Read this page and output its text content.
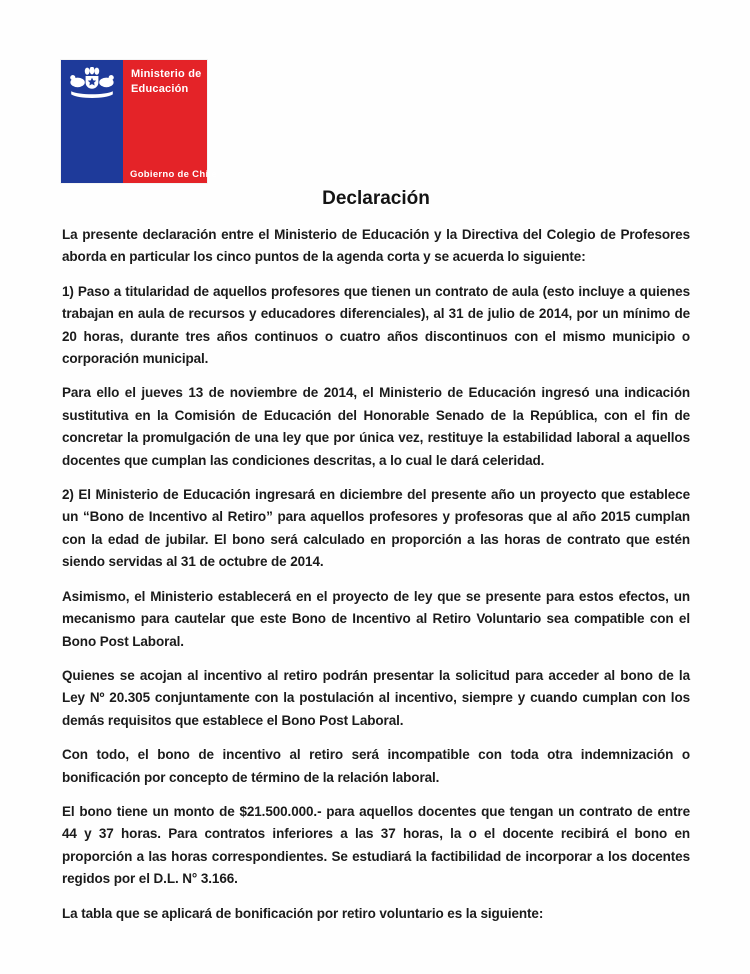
Ministerio de
Educación
Gobierno de Chile
Declaración

La presente declaración entre el Ministerio de Educación y la Directiva del Colegio de Profesores aborda en particular los cinco puntos de la agenda corta y se acuerda lo siguiente:

1) Paso a titularidad de aquellos profesores que tienen un contrato de aula (esto incluye a quienes trabajan en aula de recursos y educadores diferenciales), al 31 de julio de 2014, por un mínimo de 20 horas, durante tres años continuos o cuatro años discontinuos con el mismo municipio o corporación municipal.

Para ello el jueves 13 de noviembre de 2014, el Ministerio de Educación ingresó una indicación sustitutiva en la Comisión de Educación del Honorable Senado de la República, con el fin de concretar la promulgación de una ley que por única vez, restituye la estabilidad laboral a aquellos docentes que cumplan las condiciones descritas, a lo cual le dará celeridad.

2) El Ministerio de Educación ingresará en diciembre del presente año un proyecto que establece un “Bono de Incentivo al Retiro” para aquellos profesores y profesoras que al año 2015 cumplan con la edad de jubilar. El bono será calculado en proporción a las horas de contrato que estén siendo servidas al 31 de octubre de 2014.

Asimismo, el Ministerio establecerá en el proyecto de ley que se presente para estos efectos, un mecanismo para cautelar que este Bono de Incentivo al Retiro Voluntario sea compatible con el Bono Post Laboral.

Quienes se acojan al incentivo al retiro podrán presentar la solicitud para acceder al bono de la Ley Nº 20.305 conjuntamente con la postulación al incentivo, siempre y cuando cumplan con los demás requisitos que establece el Bono Post Laboral.

Con todo, el bono de incentivo al retiro será incompatible con toda otra indemnización o bonificación por concepto de término de la relación laboral.

El bono tiene un monto de $21.500.000.- para aquellos docentes que tengan un contrato de entre 44 y 37 horas. Para contratos inferiores a las 37 horas, la o el docente recibirá el bono en proporción a las horas correspondientes. Se estudiará la factibilidad de incorporar a los docentes regidos por el D.L. N° 3.166.

La tabla que se aplicará de bonificación por retiro voluntario es la siguiente:
